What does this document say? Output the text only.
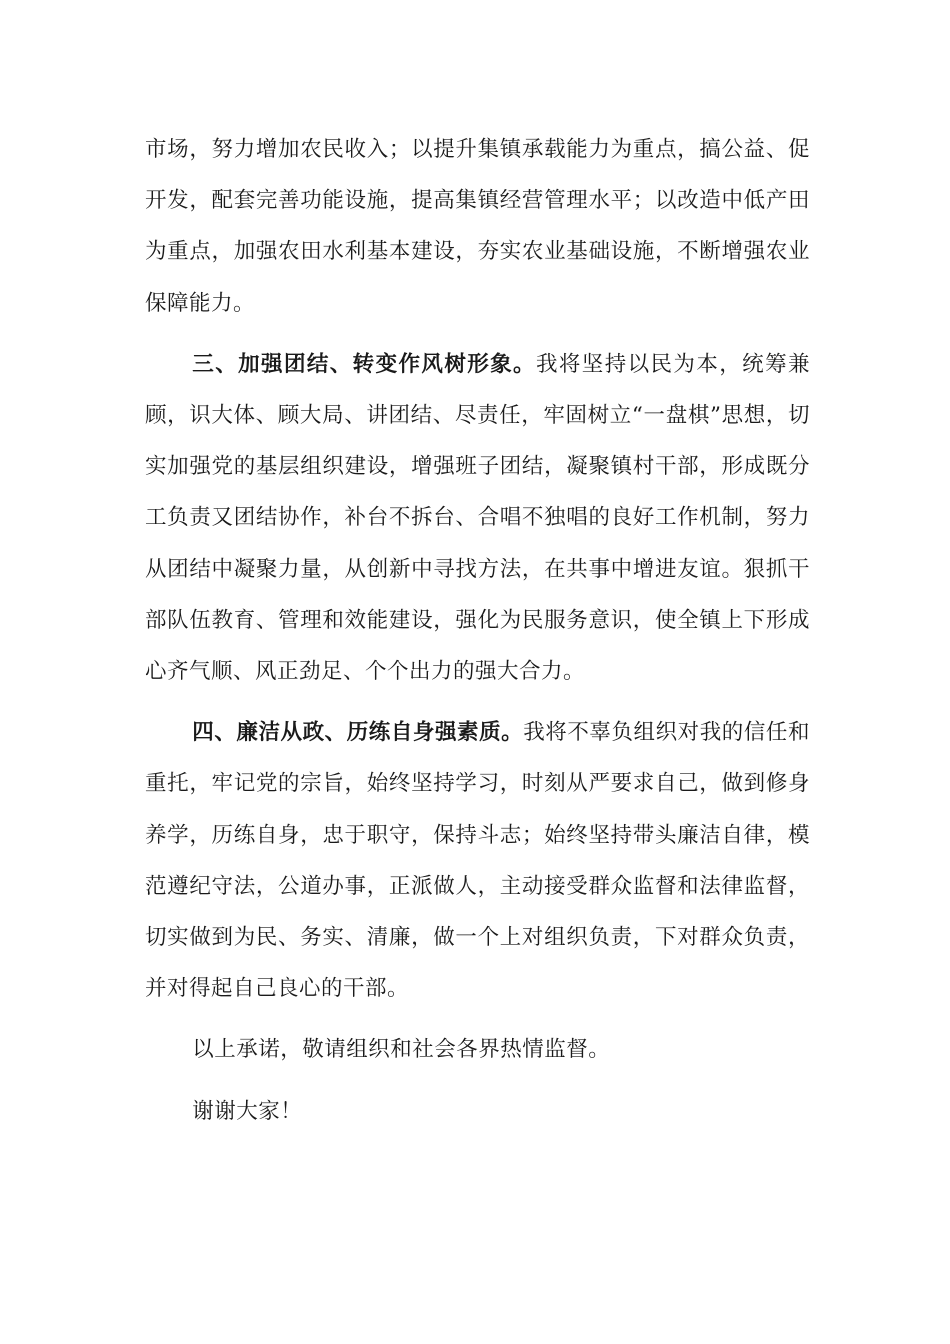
市场，努力增加农民收入；以提升集镇承载能力为重点，搞公益、促开发，配套完善功能设施，提高集镇经营管理水平；以改造中低产田为重点，加强农田水利基本建设，夯实农业基础设施，不断增强农业保障能力。

三、加强团结、转变作风树形象。我将坚持以民为本，统筹兼顾，识大体、顾大局、讲团结、尽责任，牢固树立“一盘棋”思想，切实加强党的基层组织建设，增强班子团结，凝聚镇村干部，形成既分工负责又团结协作，补台不拆台、合唱不独唱的良好工作机制，努力从团结中凝聚力量，从创新中寻找方法，在共事中增进友谊。狠抓干部队伍教育、管理和效能建设，强化为民服务意识，使全镇上下形成心齐气顺、风正劲足、个个出力的强大合力。

四、廉洁从政、历练自身强素质。我将不辜负组织对我的信任和重托，牢记党的宗旨，始终坚持学习，时刻从严要求自己，做到修身养学，历练自身，忠于职守，保持斗志；始终坚持带头廉洁自律，模范遵纪守法，公道办事，正派做人，主动接受群众监督和法律监督，切实做到为民、务实、清廉，做一个上对组织负责，下对群众负责，并对得起自己良心的干部。

以上承诺，敬请组织和社会各界热情监督。

谢谢大家！
